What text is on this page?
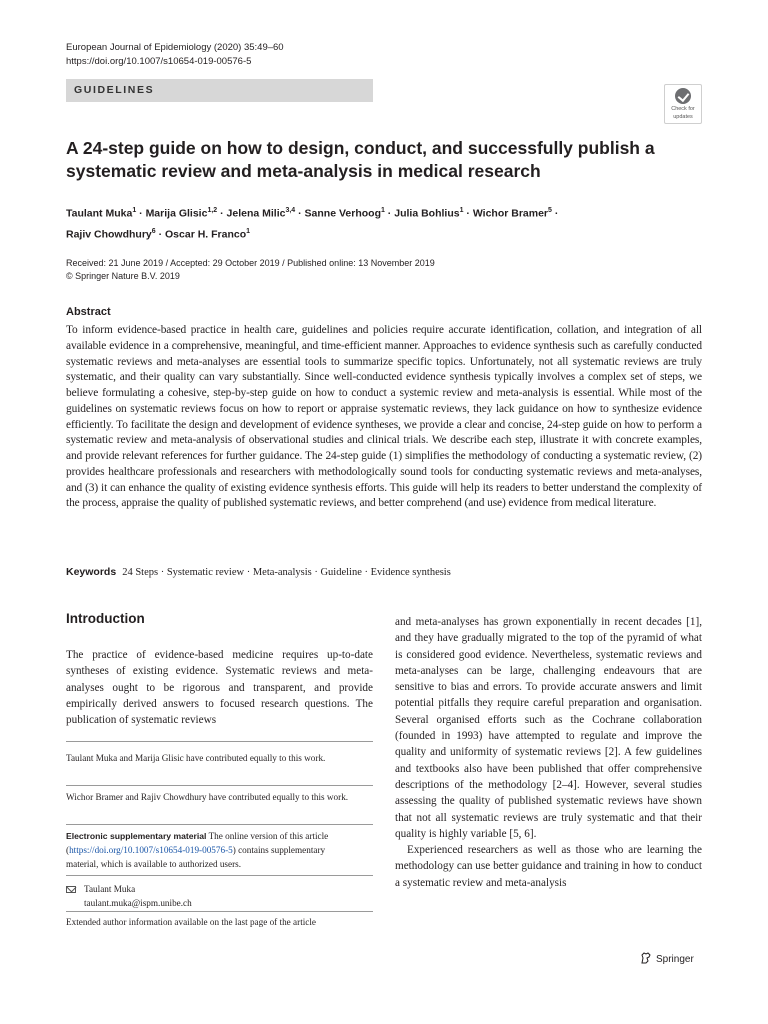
European Journal of Epidemiology (2020) 35:49–60
https://doi.org/10.1007/s10654-019-00576-5
GUIDELINES
Check for
updates
A 24-step guide on how to design, conduct, and successfully publish a systematic review and meta-analysis in medical research
Taulant Muka$^1$ · Marija Glisic$^{1,2}$ · Jelena Milic$^{3,4}$ · Sanne Verhoog$^1$ · Julia Bohlius$^1$ · Wichor Bramer$^5$ ·
Rajiv Chowdhury$^6$ · Oscar H. Franco$^1$
Received: 21 June 2019 / Accepted: 29 October 2019 / Published online: 13 November 2019
© Springer Nature B.V. 2019
Abstract

To inform evidence-based practice in health care, guidelines and policies require accurate identification, collation, and integration of all available evidence in a comprehensive, meaningful, and time-efficient manner. Approaches to evidence synthesis such as carefully conducted systematic reviews and meta-analyses are essential tools to summarize specific topics. Unfortunately, not all systematic reviews are truly systematic, and their quality can vary substantially. Since well-conducted evidence synthesis typically involves a complex set of steps, we believe formulating a cohesive, step-by-step guide on how to conduct a systemic review and meta-analysis is essential. While most of the guidelines on systematic reviews focus on how to report or appraise systematic reviews, they lack guidance on how to synthesize evidence efficiently. To facilitate the design and development of evidence syntheses, we provide a clear and concise, 24-step guide on how to perform a systematic review and meta-analysis of observational studies and clinical trials. We describe each step, illustrate it with concrete examples, and provide relevant references for further guidance. The 24-step guide (1) simplifies the methodology of conducting a systematic review, (2) provides healthcare professionals and researchers with methodologically sound tools for conducting systematic reviews and meta-analyses, and (3) it can enhance the quality of existing evidence synthesis efforts. This guide will help its readers to better understand the complexity of the process, appraise the quality of published systematic reviews, and better comprehend (and use) evidence from medical literature.

Keywords 24 Steps · Systematic review · Meta-analysis · Guideline · Evidence synthesis
Introduction

The practice of evidence-based medicine requires up-to-date syntheses of existing evidence. Systematic reviews and meta-analyses ought to be rigorous and transparent, and provide empirically derived answers to focused research questions. The publication of systematic reviews

Taulant Muka and Marija Glisic have contributed equally to this work.

Wichor Bramer and Rajiv Chowdhury have contributed equally to this work.

Electronic supplementary material The online version of this article (https://doi.org/10.1007/s10654-019-00576-5) contains supplementary material, which is available to authorized users.

Taulant Muka
taulant.muka@ispm.unibe.ch

Extended author information available on the last page of the article

and meta-analyses has grown exponentially in recent decades [1], and they have gradually migrated to the top of the pyramid of what is considered good evidence. Nevertheless, systematic reviews and meta-analyses can be large, challenging endeavours that are sensitive to bias and errors. To provide accurate answers and limit potential pitfalls they require careful preparation and organisation. Several organised efforts such as the Cochrane collaboration (founded in 1993) have attempted to regulate and improve the quality and uniformity of systematic reviews [2]. A few guidelines and textbooks also have been published that offer comprehensive descriptions of the methodology [2–4]. However, several studies assessing the quality of published systematic reviews have shown that not all systematic reviews are truly systematic and that their quality is highly variable [5, 6].

Experienced researchers as well as those who are learning the methodology can use better guidance and training in how to conduct a systematic review and meta-analysis

Springer
